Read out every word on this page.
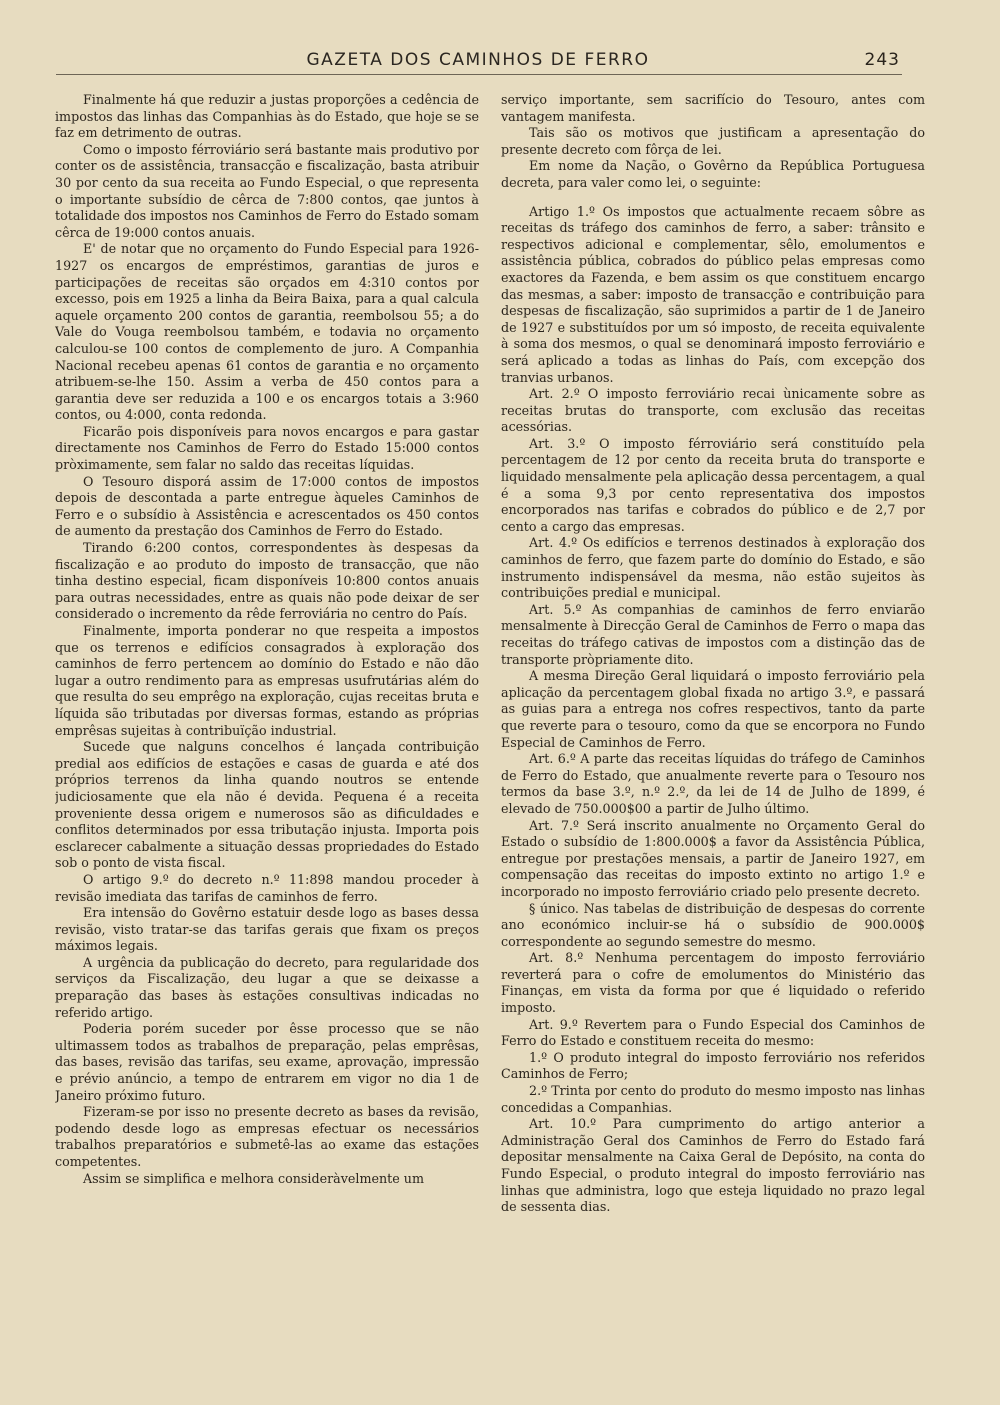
GAZETA DOS CAMINHOS DE FERRO	243

Finalmente há que reduzir a justas proporções a cedência de impostos das linhas das Companhias às do Estado, que hoje se se faz em detrimento de outras.

Como o imposto férroviário será bastante mais produtivo por conter os de assistência, transacção e fiscalização, basta atribuir 30 por cento da sua receita ao Fundo Especial, o que representa o importante subsídio de cêrca de 7:800 contos, qae juntos à totalidade dos impostos nos Caminhos de Ferro do Estado somam cêrca de 19:000 contos anuais.

E' de notar que no orçamento do Fundo Especial para 1926-1927 os encargos de empréstimos, garantias de juros e participações de receitas são orçados em 4:310 contos por excesso, pois em 1925 a linha da Beira Baixa, para a qual calcula aquele orçamento 200 contos de garantia, reembolsou 55; a do Vale do Vouga reembolsou também, e todavia no orçamento calculou-se 100 contos de complemento de juro. A Companhia Nacional recebeu apenas 61 contos de garantia e no orçamento atribuem-se-lhe 150. Assim a verba de 450 contos para a garantia deve ser reduzida a 100 e os encargos totais a 3:960 contos, ou 4:000, conta redonda.

Ficarão pois disponíveis para novos encargos e para gastar directamente nos Caminhos de Ferro do Estado 15:000 contos pròximamente, sem falar no saldo das receitas líquidas.

O Tesouro disporá assim de 17:000 contos de impostos depois de descontada a parte entregue àqueles Caminhos de Ferro e o subsídio à Assistência e acrescentados os 450 contos de aumento da prestação dos Caminhos de Ferro do Estado.

Tirando 6:200 contos, correspondentes às despesas da fiscalização e ao produto do imposto de transacção, que não tinha destino especial, ficam disponíveis 10:800 contos anuais para outras necessidades, entre as quais não pode deixar de ser considerado o incremento da rêde ferroviária no centro do País.

Finalmente, importa ponderar no que respeita a impostos que os terrenos e edifícios consagrados à exploração dos caminhos de ferro pertencem ao domínio do Estado e não dão lugar a outro rendimento para as empresas usufrutárias além do que resulta do seu emprêgo na exploração, cujas receitas bruta e líquida são tributadas por diversas formas, estando as próprias emprêsas sujeitas à contribuïção industrial.

Sucede que nalguns concelhos é lançada contribuição predial aos edifícios de estações e casas de guarda e até dos próprios terrenos da linha quando noutros se entende judiciosamente que ela não é devida. Pequena é a receita proveniente dessa origem e numerosos são as dificuldades e conflitos determinados por essa tributação injusta. Importa pois esclarecer cabalmente a situação dessas propriedades do Estado sob o ponto de vista fiscal.

O artigo 9.º do decreto n.º 11:898 mandou proceder à revisão imediata das tarifas de caminhos de ferro.

Era intensão do Govêrno estatuir desde logo as bases dessa revisão, visto tratar-se das tarifas gerais que fixam os preços máximos legais.

A urgência da publicação do decreto, para regularidade dos serviços da Fiscalização, deu lugar a que se deixasse a preparação das bases às estações consultivas indicadas no referido artigo.

Poderia porém suceder por êsse processo que se não ultimassem todos as trabalhos de preparação, pelas emprêsas, das bases, revisão das tarifas, seu exame, aprovação, impressão e prévio anúncio, a tempo de entrarem em vigor no dia 1 de Janeiro próximo futuro.

Fizeram-se por isso no presente decreto as bases da revisão, podendo desde logo as empresas efectuar os necessários trabalhos preparatórios e submetê-las ao exame das estações competentes.

Assim se simplifica e melhora consideràvelmente um

serviço importante, sem sacrifício do Tesouro, antes com vantagem manifesta.

Tais são os motivos que justificam a apresentação do presente decreto com fôrça de lei.

Em nome da Nação, o Govêrno da República Portuguesa decreta, para valer como lei, o seguinte:

Artigo 1.º Os impostos que actualmente recaem sôbre as receitas ds tráfego dos caminhos de ferro, a saber: trânsito e respectivos adicional e complementar, sêlo, emolumentos e assistência pública, cobrados do público pelas empresas como exactores da Fazenda, e bem assim os que constituem encargo das mesmas, a saber: imposto de transacção e contribuição para despesas de fiscalização, são suprimidos a partir de 1 de Janeiro de 1927 e substituídos por um só imposto, de receita equivalente à soma dos mesmos, o qual se denominará imposto ferroviário e será aplicado a todas as linhas do País, com excepção dos tranvias urbanos.

Art. 2.º O imposto ferroviário recai ùnicamente sobre as receitas brutas do transporte, com exclusão das receitas acessórias.

Art. 3.º O imposto férroviário será constituído pela percentagem de 12 por cento da receita bruta do transporte e liquidado mensalmente pela aplicação dessa percentagem, a qual é a soma 9,3 por cento representativa dos impostos encorporados nas tarifas e cobrados do público e de 2,7 por cento a cargo das empresas.

Art. 4.º Os edifícios e terrenos destinados à exploração dos caminhos de ferro, que fazem parte do domínio do Estado, e são instrumento indispensável da mesma, não estão sujeitos às contribuições predial e municipal.

Art. 5.º As companhias de caminhos de ferro enviarão mensalmente à Direcção Geral de Caminhos de Ferro o mapa das receitas do tráfego cativas de impostos com a distinção das de transporte pròpriamente dito.

A mesma Direção Geral liquidará o imposto ferroviário pela aplicação da percentagem global fixada no artigo 3.º, e passará as guias para a entrega nos cofres respectivos, tanto da parte que reverte para o tesouro, como da que se encorpora no Fundo Especial de Caminhos de Ferro.

Art. 6.º A parte das receitas líquidas do tráfego de Caminhos de Ferro do Estado, que anualmente reverte para o Tesouro nos termos da base 3.º, n.º 2.º, da lei de 14 de Julho de 1899, é elevado de 750.000$00 a partir de Julho último.

Art. 7.º Será inscrito anualmente no Orçamento Geral do Estado o subsídio de 1:800.000$ a favor da Assistência Pública, entregue por prestações mensais, a partir de Janeiro 1927, em compensação das receitas do imposto extinto no artigo 1.º e incorporado no imposto ferroviário criado pelo presente decreto.

§ único. Nas tabelas de distribuição de despesas do corrente ano económico incluir-se há o subsídio de 900.000$ correspondente ao segundo semestre do mesmo.

Art. 8.º Nenhuma percentagem do imposto ferroviário reverterá para o cofre de emolumentos do Ministério das Finanças, em vista da forma por que é liquidado o referido imposto.

Art. 9.º Revertem para o Fundo Especial dos Caminhos de Ferro do Estado e constituem receita do mesmo:

1.º O produto integral do imposto ferroviário nos referidos Caminhos de Ferro;

2.º Trinta por cento do produto do mesmo imposto nas linhas concedidas a Companhias.

Art. 10.º Para cumprimento do artigo anterior a Administração Geral dos Caminhos de Ferro do Estado fará depositar mensalmente na Caixa Geral de Depósito, na conta do Fundo Especial, o produto integral do imposto ferroviário nas linhas que administra, logo que esteja liquidado no prazo legal de sessenta dias.
